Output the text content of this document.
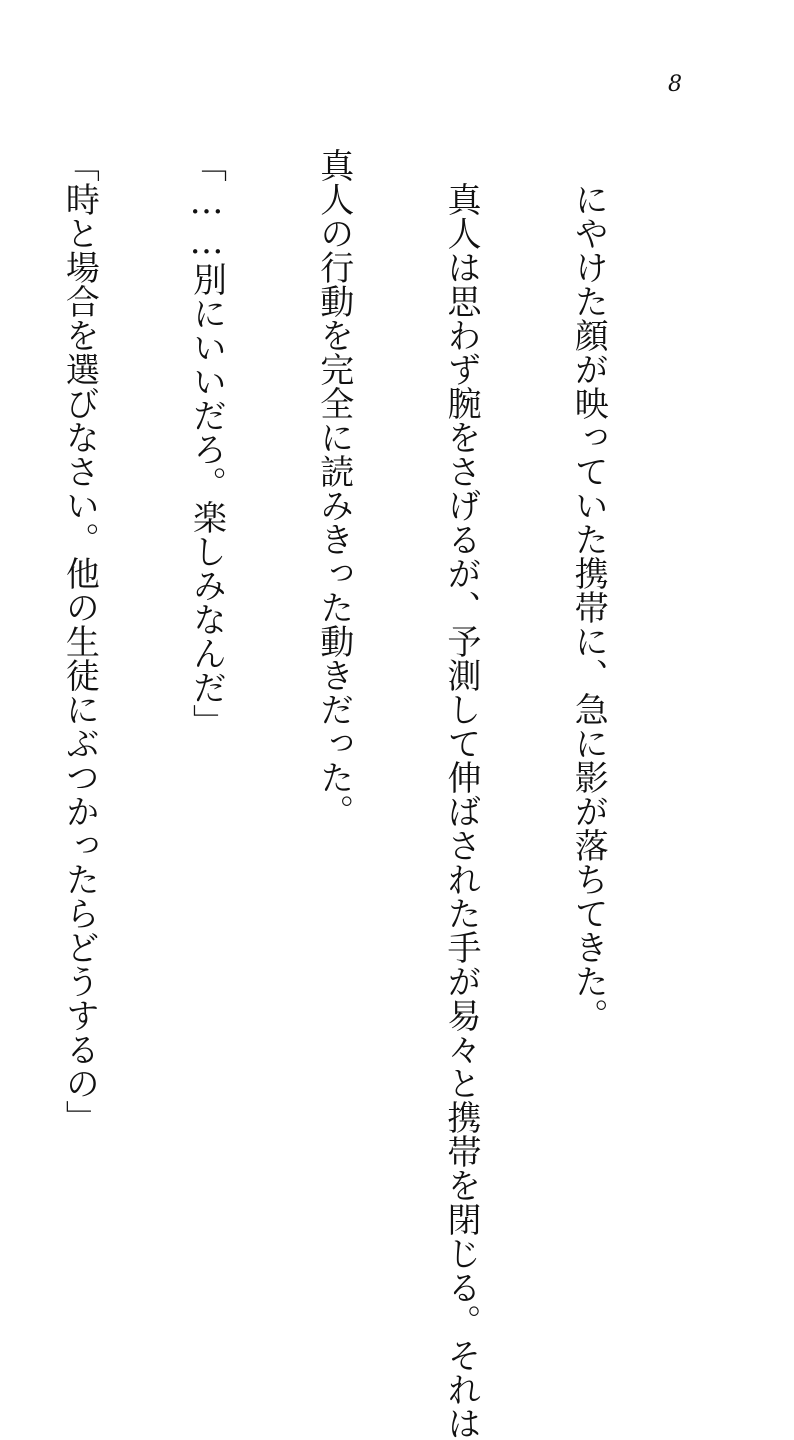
8

にやけた顔が映っていた携帯に、急に影が落ちてきた。

真人は思わず腕をさげるが、予測して伸ばされた手が易々と携帯を閉じる。それは

真人の行動を完全に読みきった動きだった。

「……別にいいだろ。楽しみなんだ」

「時と場合を選びなさい。他の生徒にぶつかったらどうするの」
